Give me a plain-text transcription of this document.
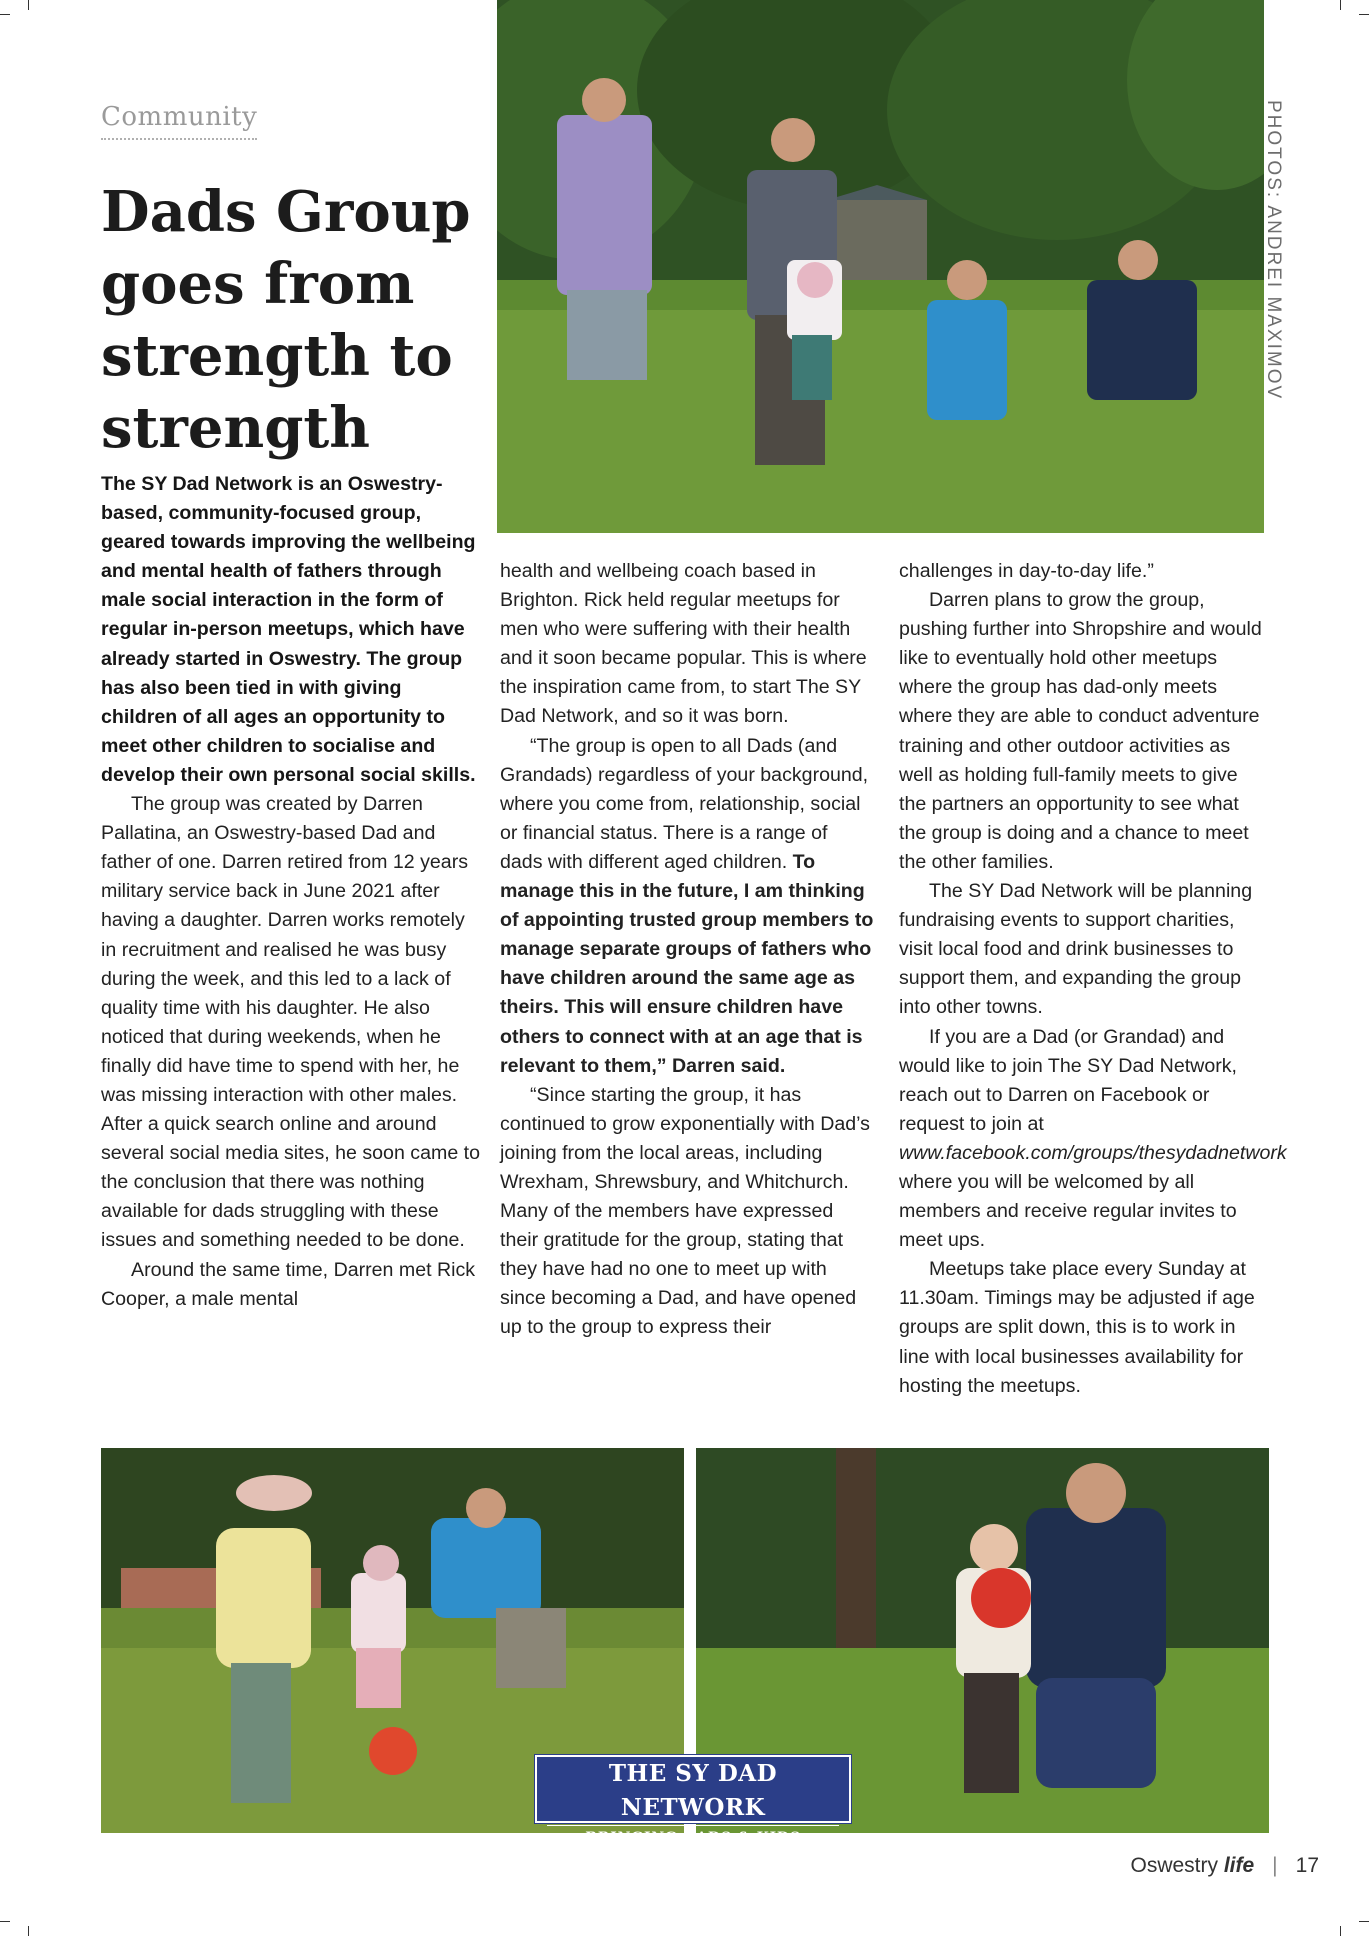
Community
Dads Group goes from strength to strength
PHOTOS: ANDREI MAXIMOV

The SY Dad Network is an Oswestry-based, community-focused group, geared towards improving the wellbeing and mental health of fathers through male social interaction in the form of regular in-person meetups, which have already started in Oswestry. The group has also been tied in with giving children of all ages an opportunity to meet other children to socialise and develop their own personal social skills.

The group was created by Darren Pallatina, an Oswestry-based Dad and father of one. Darren retired from 12 years military service back in June 2021 after having a daughter. Darren works remotely in recruitment and realised he was busy during the week, and this led to a lack of quality time with his daughter. He also noticed that during weekends, when he finally did have time to spend with her, he was missing interaction with other males. After a quick search online and around several social media sites, he soon came to the conclusion that there was nothing available for dads struggling with these issues and something needed to be done.

Around the same time, Darren met Rick Cooper, a male mental

health and wellbeing coach based in Brighton. Rick held regular meetups for men who were suffering with their health and it soon became popular. This is where the inspiration came from, to start The SY Dad Network, and so it was born.

“The group is open to all Dads (and Grandads) regardless of your background, where you come from, relationship, social or financial status. There is a range of dads with different aged children. To manage this in the future, I am thinking of appointing trusted group members to manage separate groups of fathers who have children around the same age as theirs. This will ensure children have others to connect with at an age that is relevant to them,” Darren said.

“Since starting the group, it has continued to grow exponentially with Dad’s joining from the local areas, including Wrexham, Shrewsbury, and Whitchurch. Many of the members have expressed their gratitude for the group, stating that they have had no one to meet up with since becoming a Dad, and have opened up to the group to express their

challenges in day-to-day life.”

Darren plans to grow the group, pushing further into Shropshire and would like to eventually hold other meetups where the group has dad-only meets where they are able to conduct adventure training and other outdoor activities as well as holding full-family meets to give the partners an opportunity to see what the group is doing and a chance to meet the other families.

The SY Dad Network will be planning fundraising events to support charities, visit local food and drink businesses to support them, and expanding the group into other towns.

If you are a Dad (or Grandad) and would like to join The SY Dad Network, reach out to Darren on Facebook or request to join at www.facebook.com/groups/thesydadnetwork where you will be welcomed by all members and receive regular invites to meet ups.

Meetups take place every Sunday at 11.30am. Timings may be adjusted if age groups are split down, this is to work in line with local businesses availability for hosting the meetups.

THE SY DAD NETWORK
BRINGING DADS & KIDS TOGETHER	Oswestry life | 17
